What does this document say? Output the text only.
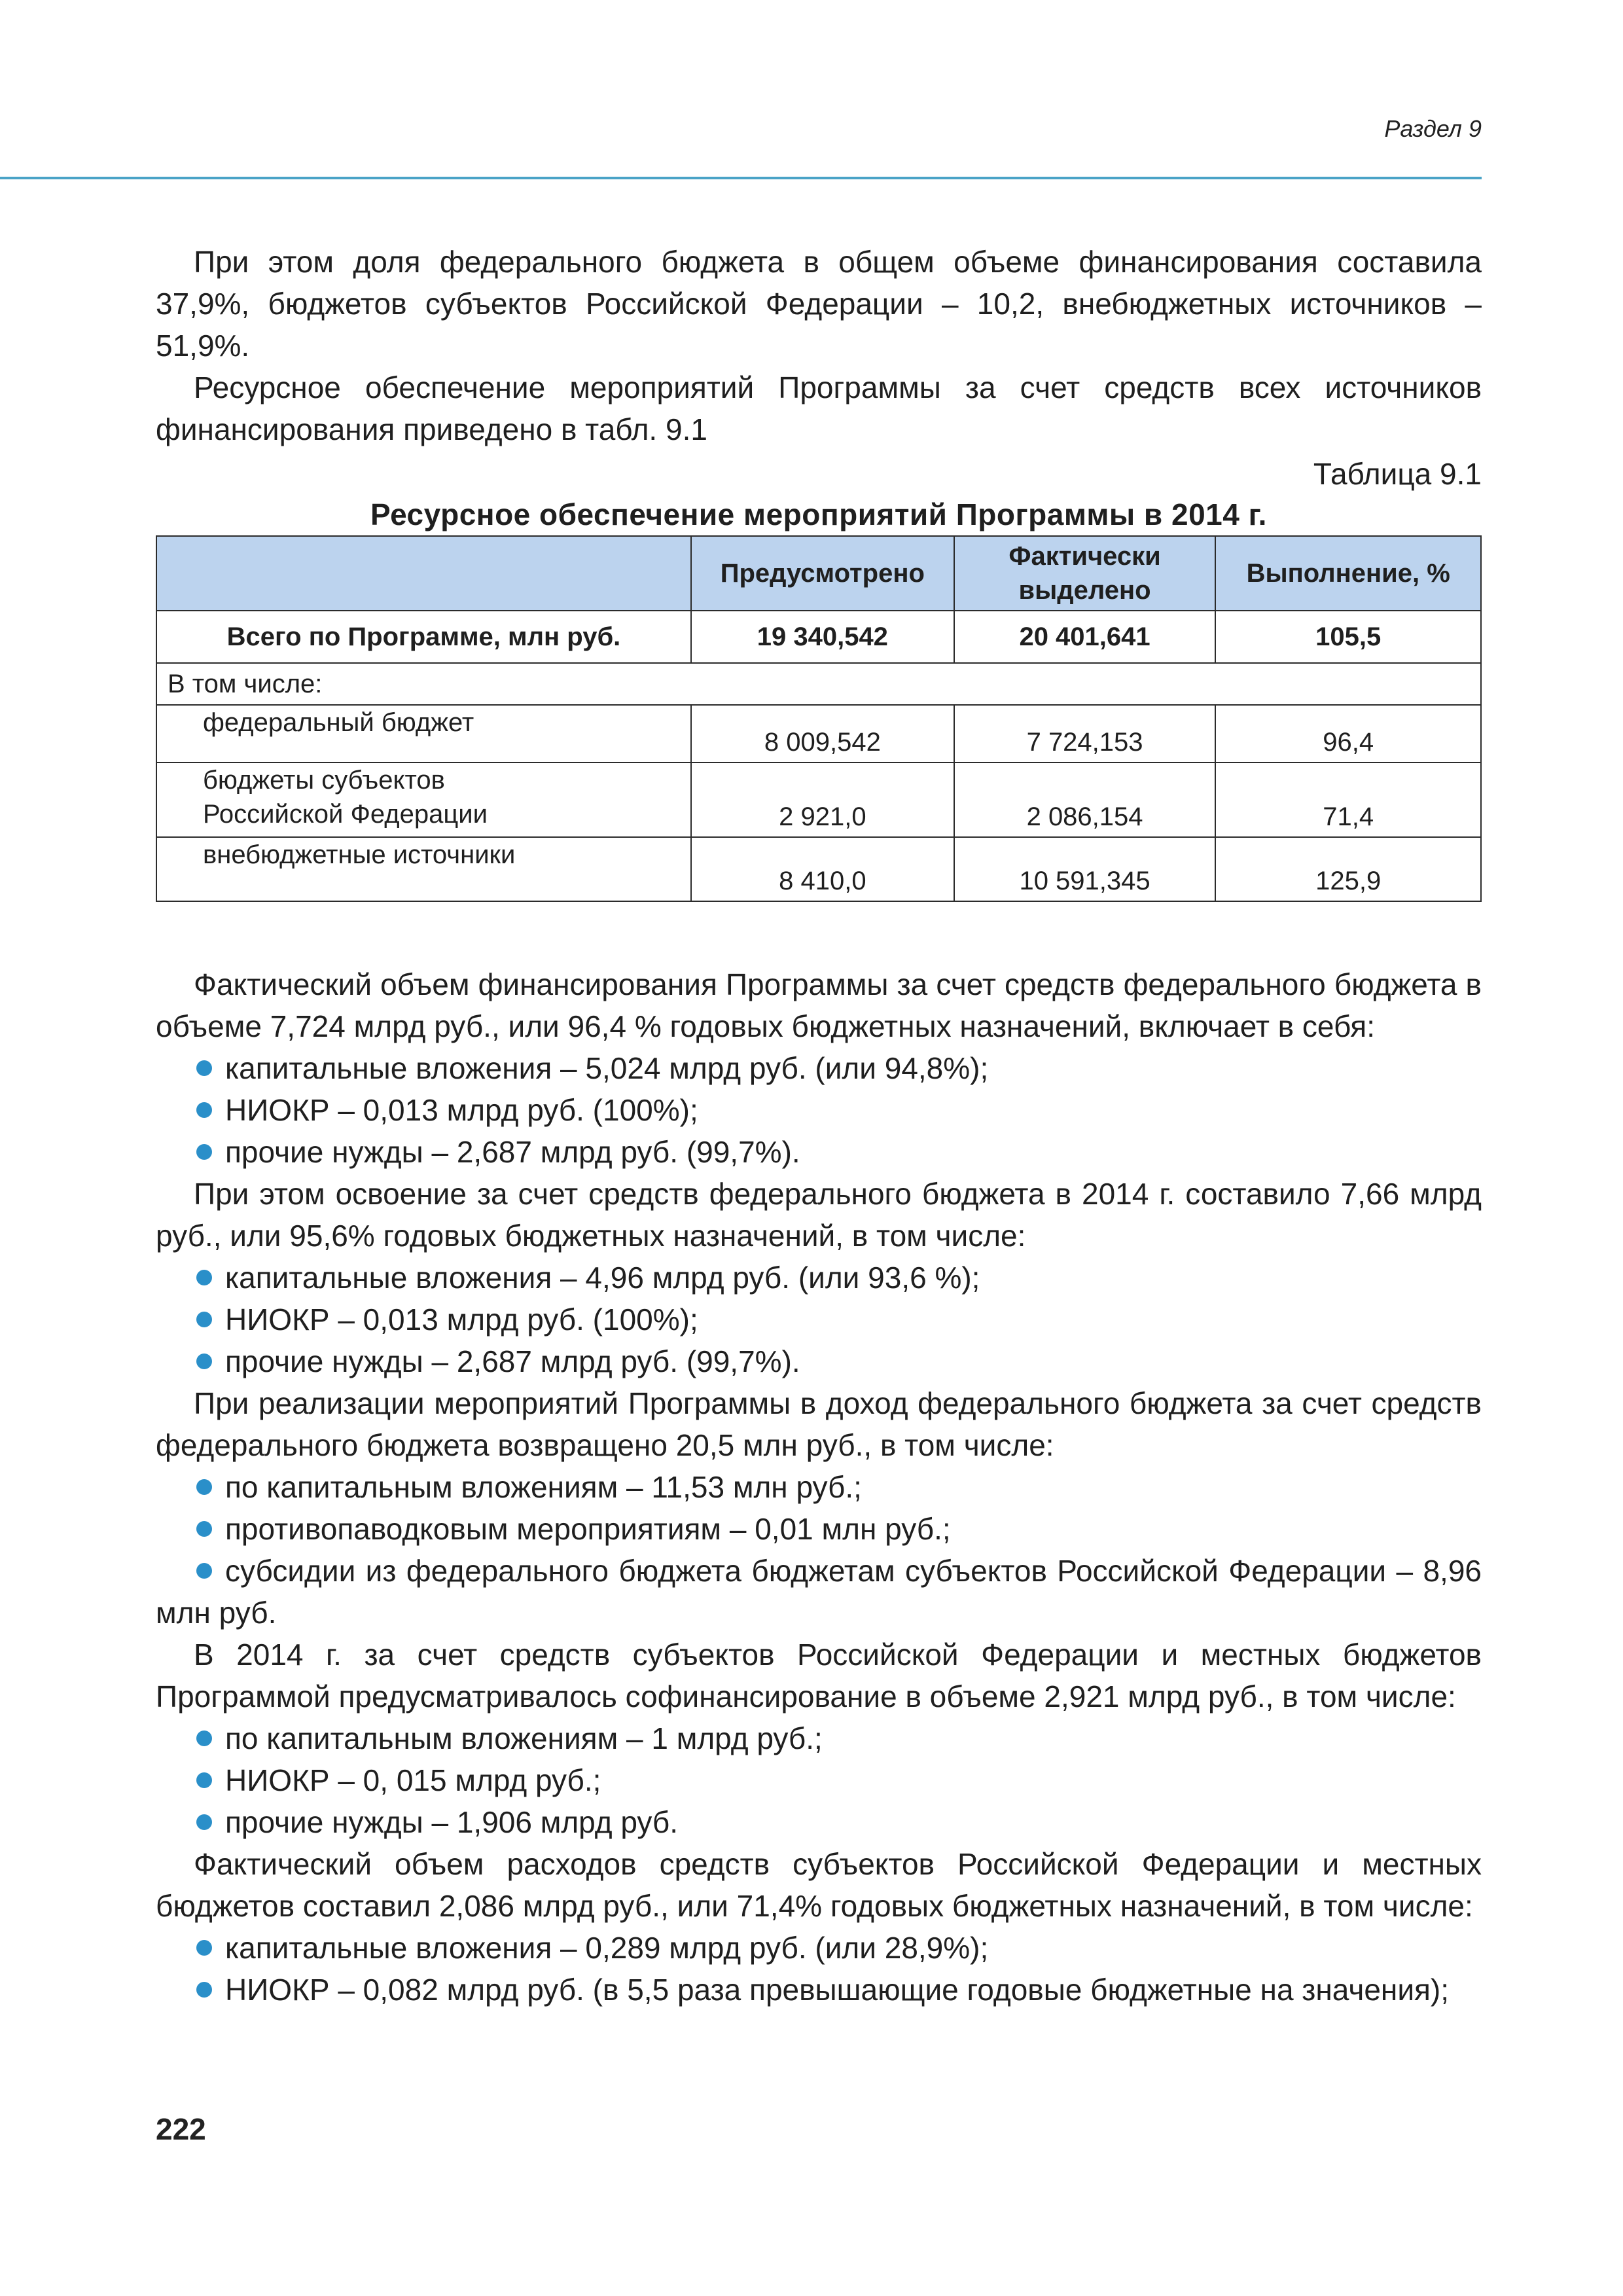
Раздел 9

При этом доля федерального бюджета в общем объеме финансирования составила 37,9%, бюджетов субъектов Российской Федерации – 10,2, внебюджетных источников – 51,9%.

Ресурсное обеспечение мероприятий Программы за счет средств всех источников финансирования приведено в табл. 9.1

Таблица 9.1
Ресурсное обеспечение мероприятий Программы в 2014 г.
	Предусмотрено	Фактически выделено	Выполнение, %
Всего по Программе, млн руб.	19 340,542	20 401,641	105,5
В том числе:			
федеральный бюджет	8 009,542	7 724,153	96,4
бюджеты субъектов Российской Федерации	2 921,0	2 086,154	71,4
внебюджетные источники	8 410,0	10 591,345	125,9

Фактический объем финансирования Программы за счет средств федерального бюджета в объеме 7,724 млрд руб., или 96,4 % годовых бюджетных назначений, включает в себя:

капитальные вложения – 5,024 млрд руб. (или 94,8%);
НИОКР – 0,013 млрд руб. (100%);
прочие нужды – 2,687 млрд руб. (99,7%).

При этом освоение за счет средств федерального бюджета в 2014 г. составило 7,66 млрд руб., или 95,6% годовых бюджетных назначений, в том числе:

капитальные вложения – 4,96 млрд руб. (или 93,6 %);
НИОКР – 0,013 млрд руб. (100%);
прочие нужды – 2,687 млрд руб. (99,7%).

При реализации мероприятий Программы в доход федерального бюджета за счет средств федерального бюджета возвращено 20,5 млн руб., в том числе:

по капитальным вложениям – 11,53 млн руб.;
противопаводковым мероприятиям – 0,01 млн руб.;
субсидии из федерального бюджета бюджетам субъектов Российской Федерации – 8,96 млн руб.

В 2014 г. за счет средств субъектов Российской Федерации и местных бюджетов Программой предусматривалось софинансирование в объеме 2,921 млрд руб., в том числе:

по капитальным вложениям – 1 млрд руб.;
НИОКР – 0, 015 млрд руб.;
прочие нужды – 1,906 млрд руб.

Фактический объем расходов средств субъектов Российской Федерации и местных бюджетов составил 2,086 млрд руб., или 71,4% годовых бюджетных назначений, в том числе:

капитальные вложения – 0,289 млрд руб. (или 28,9%);
НИОКР – 0,082 млрд руб. (в 5,5 раза превышающие годовые бюджетные на значения);
222
